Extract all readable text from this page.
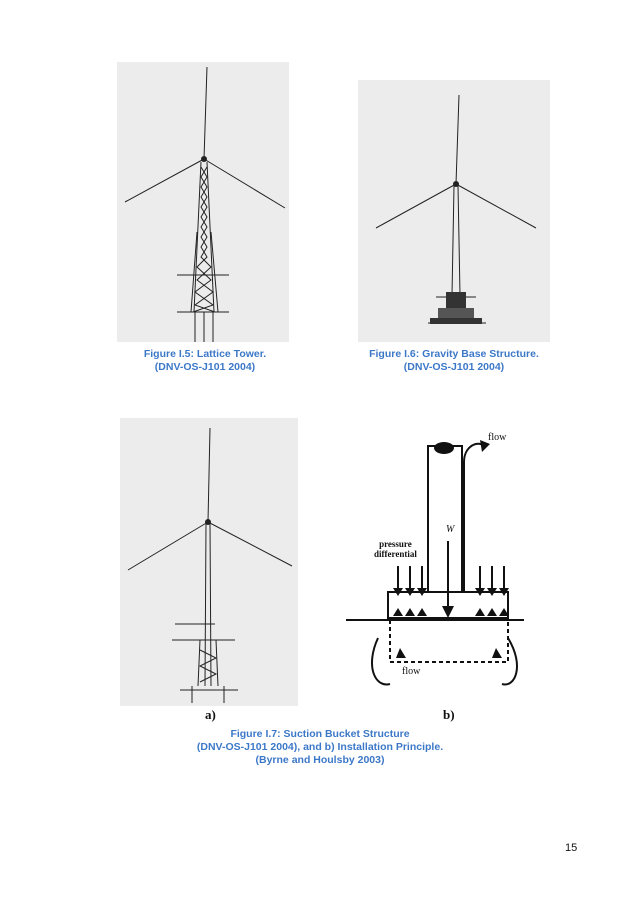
Figure I.5: Lattice Tower.
(DNV-OS-J101 2004)
Figure I.6: Gravity Base Structure.
(DNV-OS-J101 2004)
a)
flow
W
pressure
differential
flow
b)
Figure I.7: Suction Bucket Structure
(DNV-OS-J101 2004), and b) Installation Principle.
(Byrne and Houlsby 2003)
15
